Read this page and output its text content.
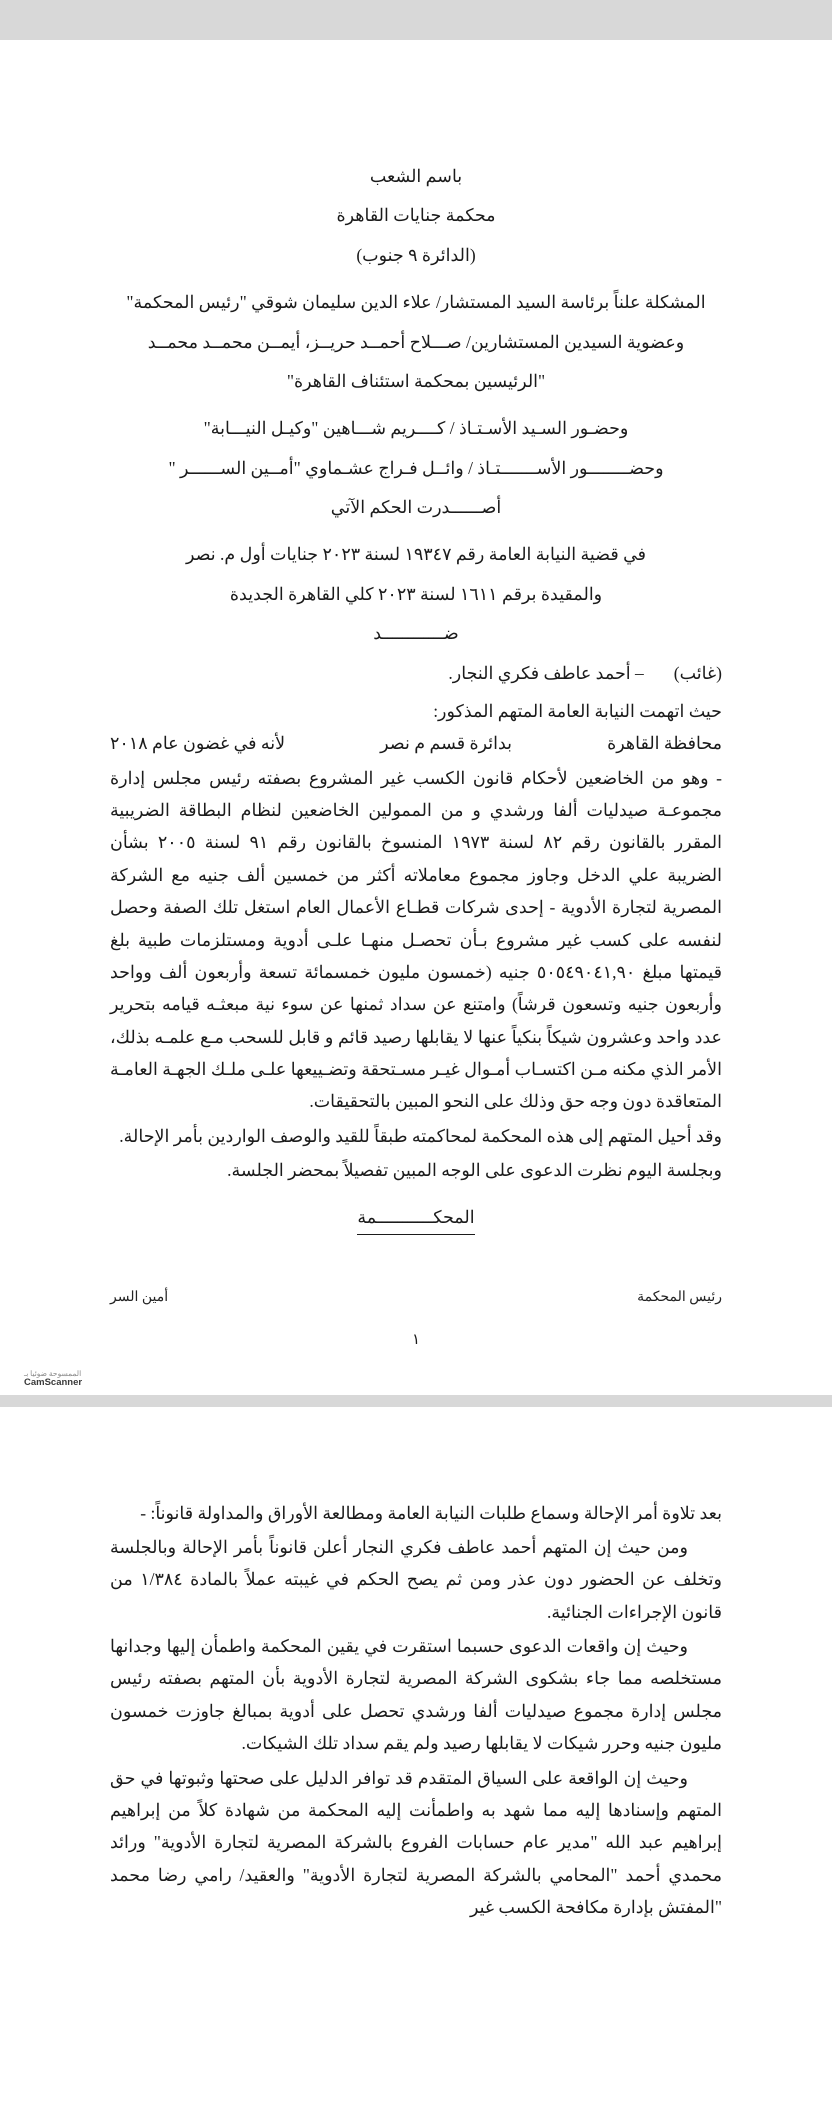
باسم الشعب

محكمة جنايات القاهرة

(الدائرة ٩ جنوب)

المشكلة علناً برئاسة السيد المستشار/ علاء الدين سليمان شوقي "رئيس المحكمة"

وعضوية السيدين المستشارين/ صـــلاح أحمــد حريــز، أيمــن محمــد محمــد

"الرئيسين بمحكمة استئناف القاهرة"

وحضـور السـيد الأسـتـاذ / كــــريم شـــاهين "وكيـل النيـــابة"

وحضــــــــور الأســـــــتـاذ / وائــل فـراج عشـماوي "أمــين الســــــر "

أصــــــدرت الحكم الآتي

في قضية النيابة العامة رقم ١٩٣٤٧ لسنة ٢٠٢٣ جنايات أول م. نصر

والمقيدة برقم ١٦١١ لسنة ٢٠٢٣ كلي القاهرة الجديدة

ضــــــــــــد

(غائب)
– أحمد عاطف فكري النجار.

حيث اتهمت النيابة العامة المتهم المذكور:

لأنه في غضون عام ٢٠١٨	بدائرة قسم م نصر	محافظة القاهرة

- وهو من الخاضعين لأحكام قانون الكسب غير المشروع بصفته رئيس مجلس إدارة مجموعـة صيدليات ألفا ورشدي و من الممولين الخاضعين لنظام البطاقة الضريبية المقرر بالقانون رقم ٨٢ لسنة ١٩٧٣ المنسوخ بالقانون رقم ٩١ لسنة ٢٠٠٥ بشأن الضريبة علي الدخل وجاوز مجموع معاملاته أكثر من خمسين ألف جنيه مع الشركة المصرية لتجارة الأدوية - إحدى شركات قطـاع الأعمال العام استغل تلك الصفة وحصل لنفسه على كسب غير مشروع بـأن تحصـل منهـا علـى أدوية ومستلزمات طبية بلغ قيمتها مبلغ ٥٠٥٤٩٠٤١,٩٠ جنيه (خمسون مليون خمسمائة تسعة وأربعون ألف وواحد وأربعون جنيه وتسعون قرشاً) وامتنع عن سداد ثمنها عن سوء نية مبعثـه قيامه بتحرير عدد واحد وعشرون شيكاً بنكياً عنها لا يقابلها رصيد قائم و قابل للسحب مـع علمـه بذلك، الأمر الذي مكنه مـن اكتسـاب أمـوال غيـر مسـتحقة وتضـييعها علـى ملـك الجهـة العامـة المتعاقدة دون وجه حق وذلك على النحو المبين بالتحقيقات.

وقد أحيل المتهم إلى هذه المحكمة لمحاكمته طبقاً للقيد والوصف الواردين بأمر الإحالة.

وبجلسة اليوم نظرت الدعوى على الوجه المبين تفصيلاً بمحضر الجلسة.

المحكـــــــــــمة
أمين السر	رئيس المحكمة
١
الممسوحة ضوئيا بـ
CamScanner

بعد تلاوة أمر الإحالة وسماع طلبات النيابة العامة ومطالعة الأوراق والمداولة قانوناً: -

ومن حيث إن المتهم أحمد عاطف فكري النجار أعلن قانوناً بأمر الإحالة وبالجلسة وتخلف عن الحضور دون عذر ومن ثم يصح الحكم في غيبته عملاً بالمادة ١/٣٨٤ من قانون الإجراءات الجنائية.

وحيث إن واقعات الدعوى حسبما استقرت في يقين المحكمة واطمأن إليها وجدانها مستخلصه مما جاء بشكوى الشركة المصرية لتجارة الأدوية بأن المتهم بصفته رئيس مجلس إدارة مجموع صيدليات ألفا ورشدي تحصل على أدوية بمبالغ جاوزت خمسون مليون جنيه وحرر شيكات لا يقابلها رصيد ولم يقم سداد تلك الشيكات.

وحيث إن الواقعة على السياق المتقدم قد توافر الدليل على صحتها وثبوتها في حق المتهم وإسنادها إليه مما شهد به واطمأنت إليه المحكمة من شهادة كلاً من إبراهيم إبراهيم عبد الله "مدير عام حسابات الفروع بالشركة المصرية لتجارة الأدوية" ورائد محمدي أحمد "المحامي بالشركة المصرية لتجارة الأدوية" والعقيد/ رامي رضا محمد "المفتش بإدارة مكافحة الكسب غير
